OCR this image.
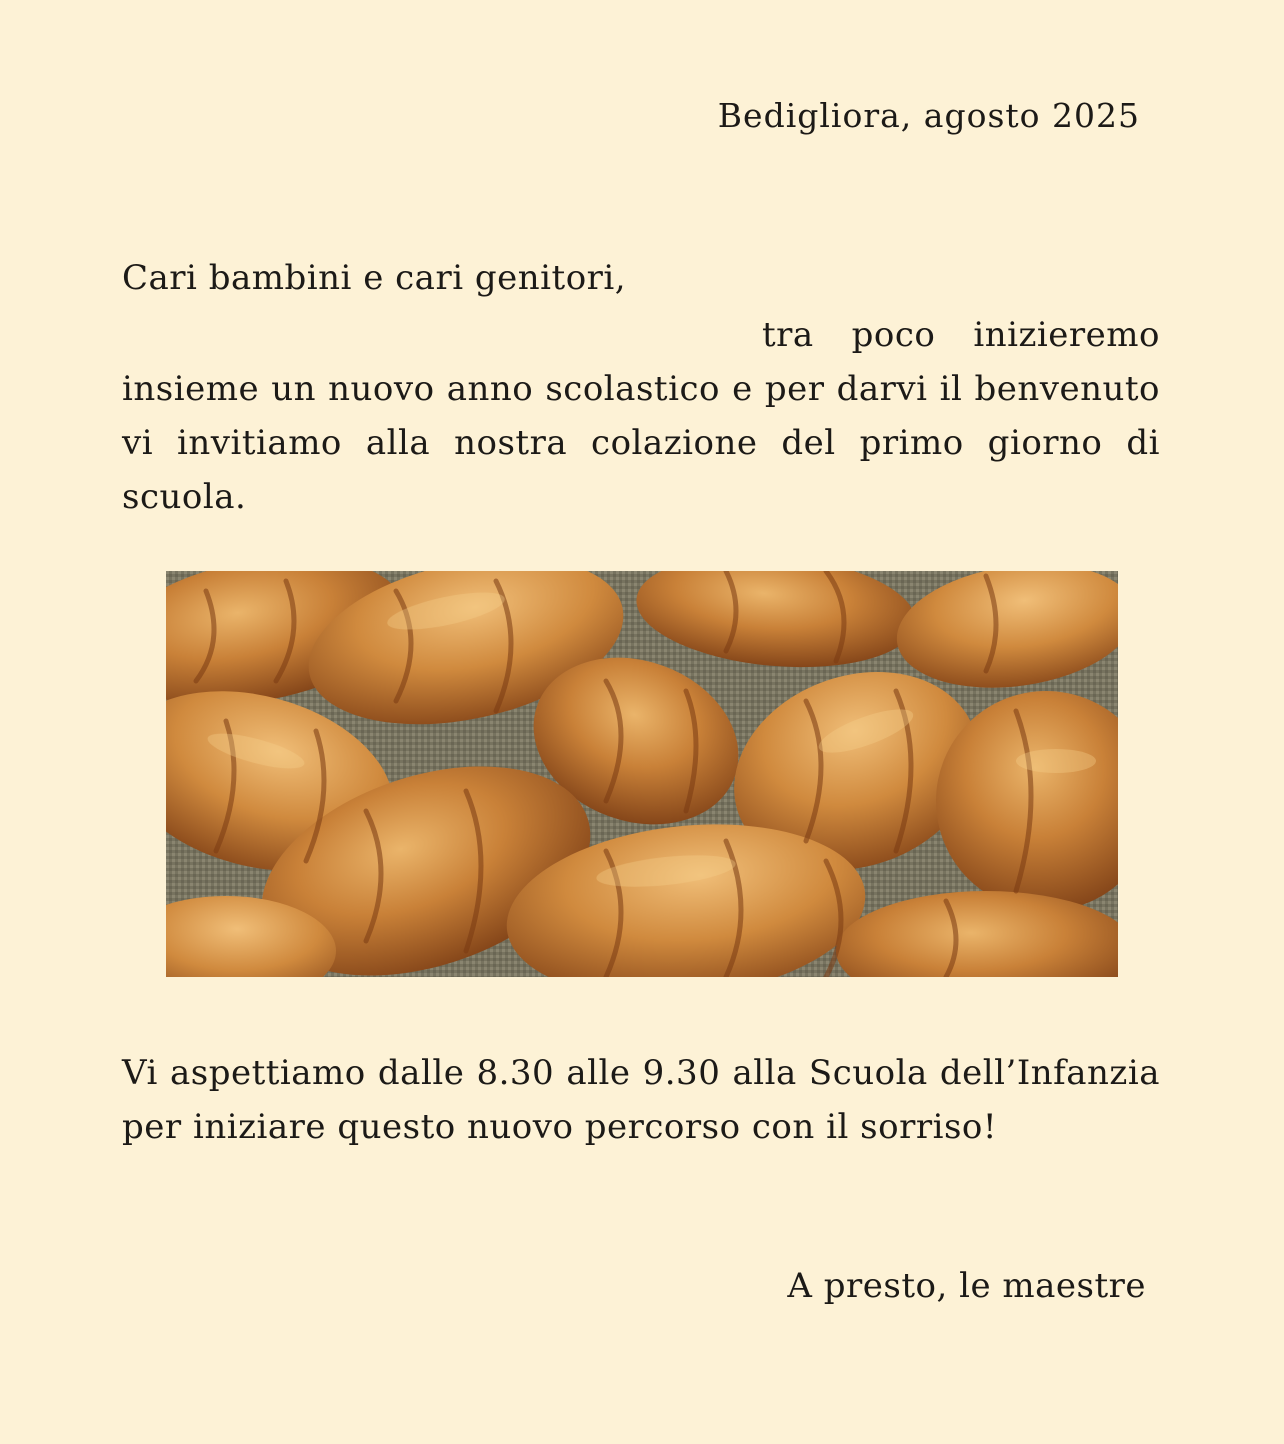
Bedigliora, agosto 2025
Cari bambini e cari genitori,
tra poco inizieremo insieme un nuovo anno scolastico e per darvi il benvenuto vi invitiamo alla nostra colazione del primo giorno di scuola.
Vi aspettiamo dalle 8.30 alle 9.30 alla Scuola dell’Infanzia per iniziare questo nuovo percorso con il sorriso!
A presto, le maestre
